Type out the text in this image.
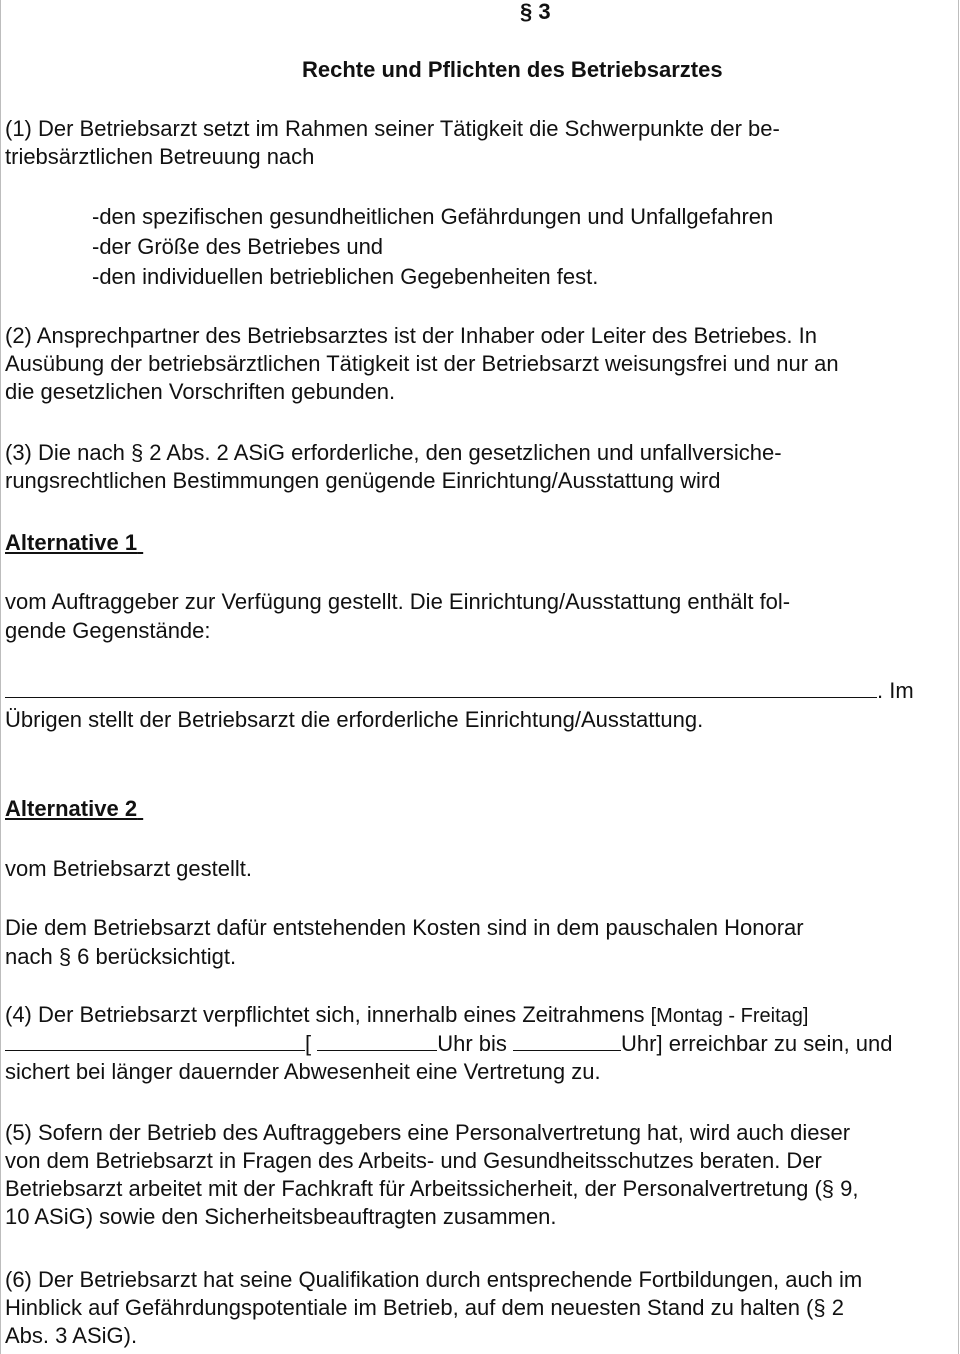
§ 3
Rechte und Pflichten des Betriebsarztes
(1) Der Betriebsarzt setzt im Rahmen seiner Tätigkeit die Schwerpunkte der be-
triebsärztlichen Betreuung nach
-den spezifischen gesundheitlichen Gefährdungen und Unfallgefahren
-der Größe des Betriebes und
-den individuellen betrieblichen Gegebenheiten fest.
(2) Ansprechpartner des Betriebsarztes ist der Inhaber oder Leiter des Betriebes. In
Ausübung der betriebsärztlichen Tätigkeit ist der Betriebsarzt weisungsfrei und nur an
die gesetzlichen Vorschriften gebunden.
(3) Die nach § 2 Abs. 2 ASiG erforderliche, den gesetzlichen und unfallversiche-
rungsrechtlichen Bestimmungen genügende Einrichtung/Ausstattung wird
Alternative 1
vom Auftraggeber zur Verfügung gestellt. Die Einrichtung/Ausstattung enthält fol-
gende Gegenstände:
. Im
Übrigen stellt der Betriebsarzt die erforderliche Einrichtung/Ausstattung.
Alternative 2
vom Betriebsarzt gestellt.
Die dem Betriebsarzt dafür entstehenden Kosten sind in dem pauschalen Honorar
nach § 6 berücksichtigt.
(4) Der Betriebsarzt verpflichtet sich, innerhalb eines Zeitrahmens [Montag - Freitag]
[	Uhr bis	Uhr] erreichbar zu sein, und
sichert bei länger dauernder Abwesenheit eine Vertretung zu.
(5) Sofern der Betrieb des Auftraggebers eine Personalvertretung hat, wird auch dieser
von dem Betriebsarzt in Fragen des Arbeits- und Gesundheitsschutzes beraten. Der
Betriebsarzt arbeitet mit der Fachkraft für Arbeitssicherheit, der Personalvertretung (§ 9,
10 ASiG) sowie den Sicherheitsbeauftragten zusammen.
(6) Der Betriebsarzt hat seine Qualifikation durch entsprechende Fortbildungen, auch im
Hinblick auf Gefährdungspotentiale im Betrieb, auf dem neuesten Stand zu halten (§ 2
Abs. 3 ASiG).
